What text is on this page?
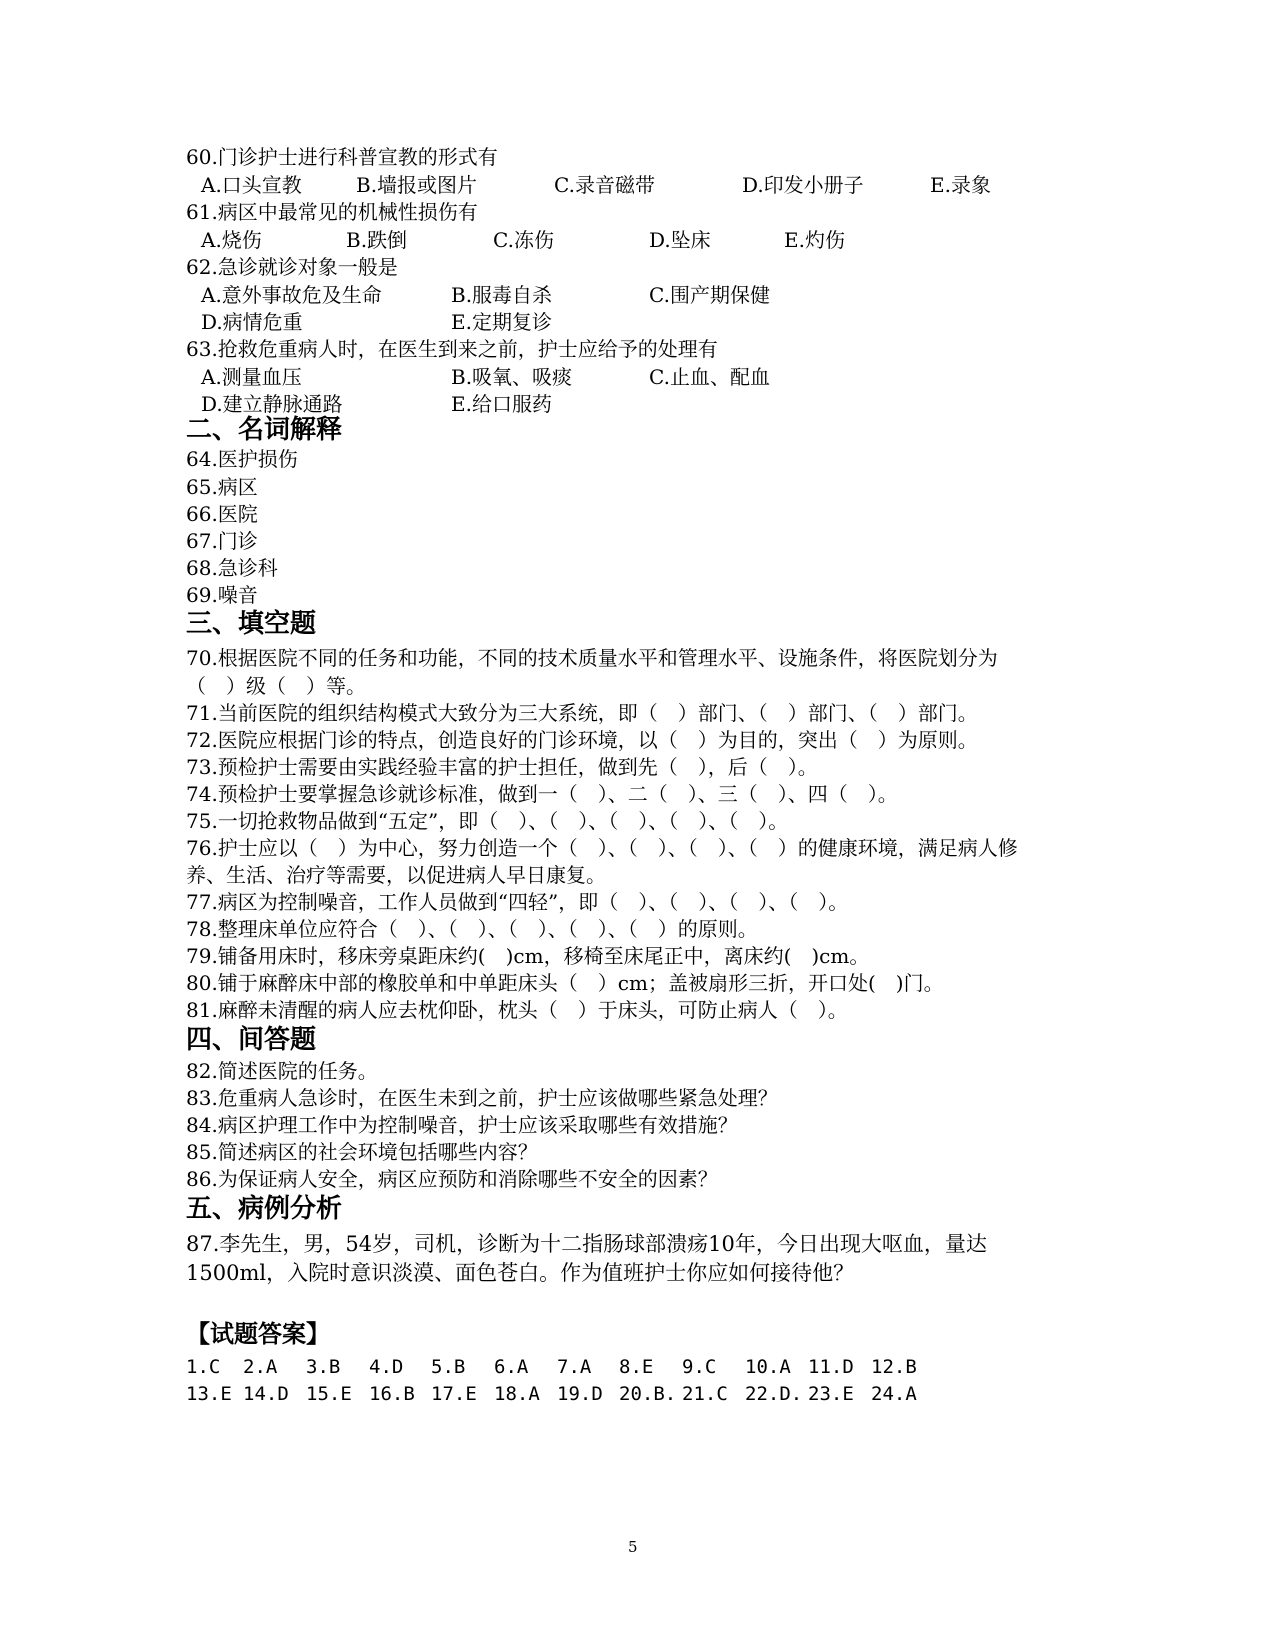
60.门诊护士进行科普宣教的形式有
A.口头宣教	B.墙报或图片	C.录音磁带	D.印发小册子	E.录象
61.病区中最常见的机械性损伤有
A.烧伤	B.跌倒	C.冻伤	D.坠床	E.灼伤
62.急诊就诊对象一般是
A.意外事故危及生命	B.服毒自杀	C.围产期保健
D.病情危重	E.定期复诊
63.抢救危重病人时，在医生到来之前，护士应给予的处理有
A.测量血压	B.吸氧、吸痰	C.止血、配血
D.建立静脉通路	E.给口服药
二、名词解释
64.医护损伤
65.病区
66.医院
67.门诊
68.急诊科
69.噪音
三、填空题
70.根据医院不同的任务和功能，不同的技术质量水平和管理水平、设施条件，将医院划分为
（　）级（　）等。
71.当前医院的组织结构模式大致分为三大系统，即（　）部门、（　）部门、（　）部门。
72.医院应根据门诊的特点，创造良好的门诊环境，以（　）为目的，突出（　）为原则。
73.预检护士需要由实践经验丰富的护士担任，做到先（　），后（　）。
74.预检护士要掌握急诊就诊标准，做到一（　）、二（　）、三（　）、四（　）。
75.一切抢救物品做到“五定”，即（　）、（　）、（　）、（　）、（　）。
76.护士应以（　）为中心，努力创造一个（　）、（　）、（　）、（　）的健康环境，满足病人修
养、生活、治疗等需要，以促进病人早日康复。
77.病区为控制噪音，工作人员做到“四轻”，即（　）、（　）、（　）、（　）。
78.整理床单位应符合（　）、（　）、（　）、（　）、（　）的原则。
79.铺备用床时，移床旁桌距床约(　)cm，移椅至床尾正中，离床约(　)cm。
80.铺于麻醉床中部的橡胶单和中单距床头（　）cm；盖被扇形三折，开口处(　)门。
81.麻醉未清醒的病人应去枕仰卧，枕头（　）于床头，可防止病人（　）。
四、间答题
82.简述医院的任务。
83.危重病人急诊时，在医生未到之前，护士应该做哪些紧急处理？
84.病区护理工作中为控制噪音，护士应该采取哪些有效措施？
85.简述病区的社会环境包括哪些内容？
86.为保证病人安全，病区应预防和消除哪些不安全的因素？
五、病例分析
87.李先生，男，54岁，司机，诊断为十二指肠球部溃疡10年，今日出现大呕血，量达
1500ml，入院时意识淡漠、面色苍白。作为值班护士你应如何接待他？
【试题答案】
1.C 2.A 3.B 4.D 5.B 6.A 7.A 8.E 9.C 10.A 11.D 12.B
13.E 14.D 15.E 16.B 17.E 18.A 19.D 20.B. 21.C 22.D. 23.E 24.A
5
